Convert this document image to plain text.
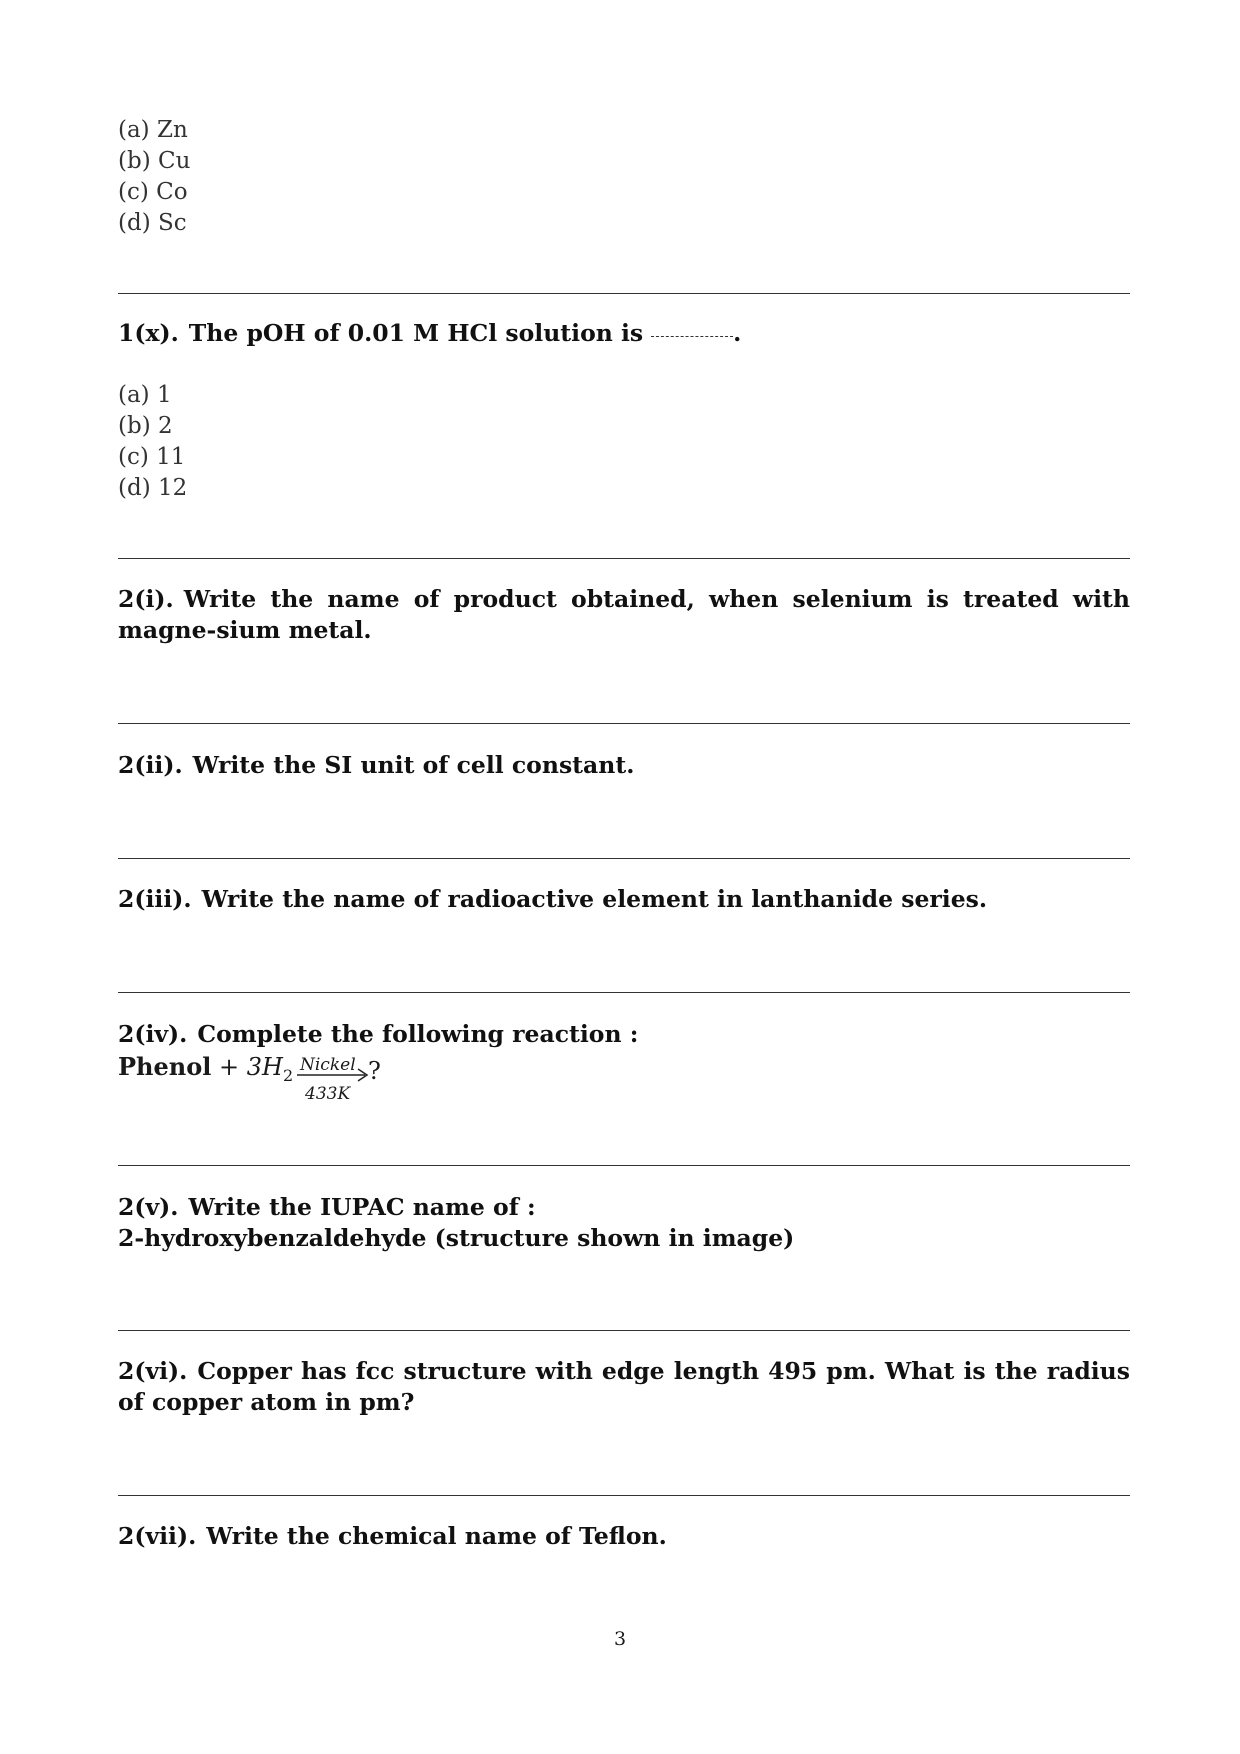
(a) Zn
(b) Cu
(c) Co
(d) Sc
1(x). The pOH of 0.01 M HCl solution is	.
(a) 1
(b) 2
(c) 11
(d) 12
2(i). Write the name of product obtained, when selenium is treated with magne-sium metal.
2(ii). Write the SI unit of cell constant.
2(iii). Write the name of radioactive element in lanthanide series.
2(iv). Complete the following reaction :
Phenol + $3H_2$
Nickel
433K
?
2(v). Write the IUPAC name of :
2-hydroxybenzaldehyde (structure shown in image)
2(vi). Copper has fcc structure with edge length 495 pm. What is the radius of copper atom in pm?
2(vii). Write the chemical name of Teflon.
3
